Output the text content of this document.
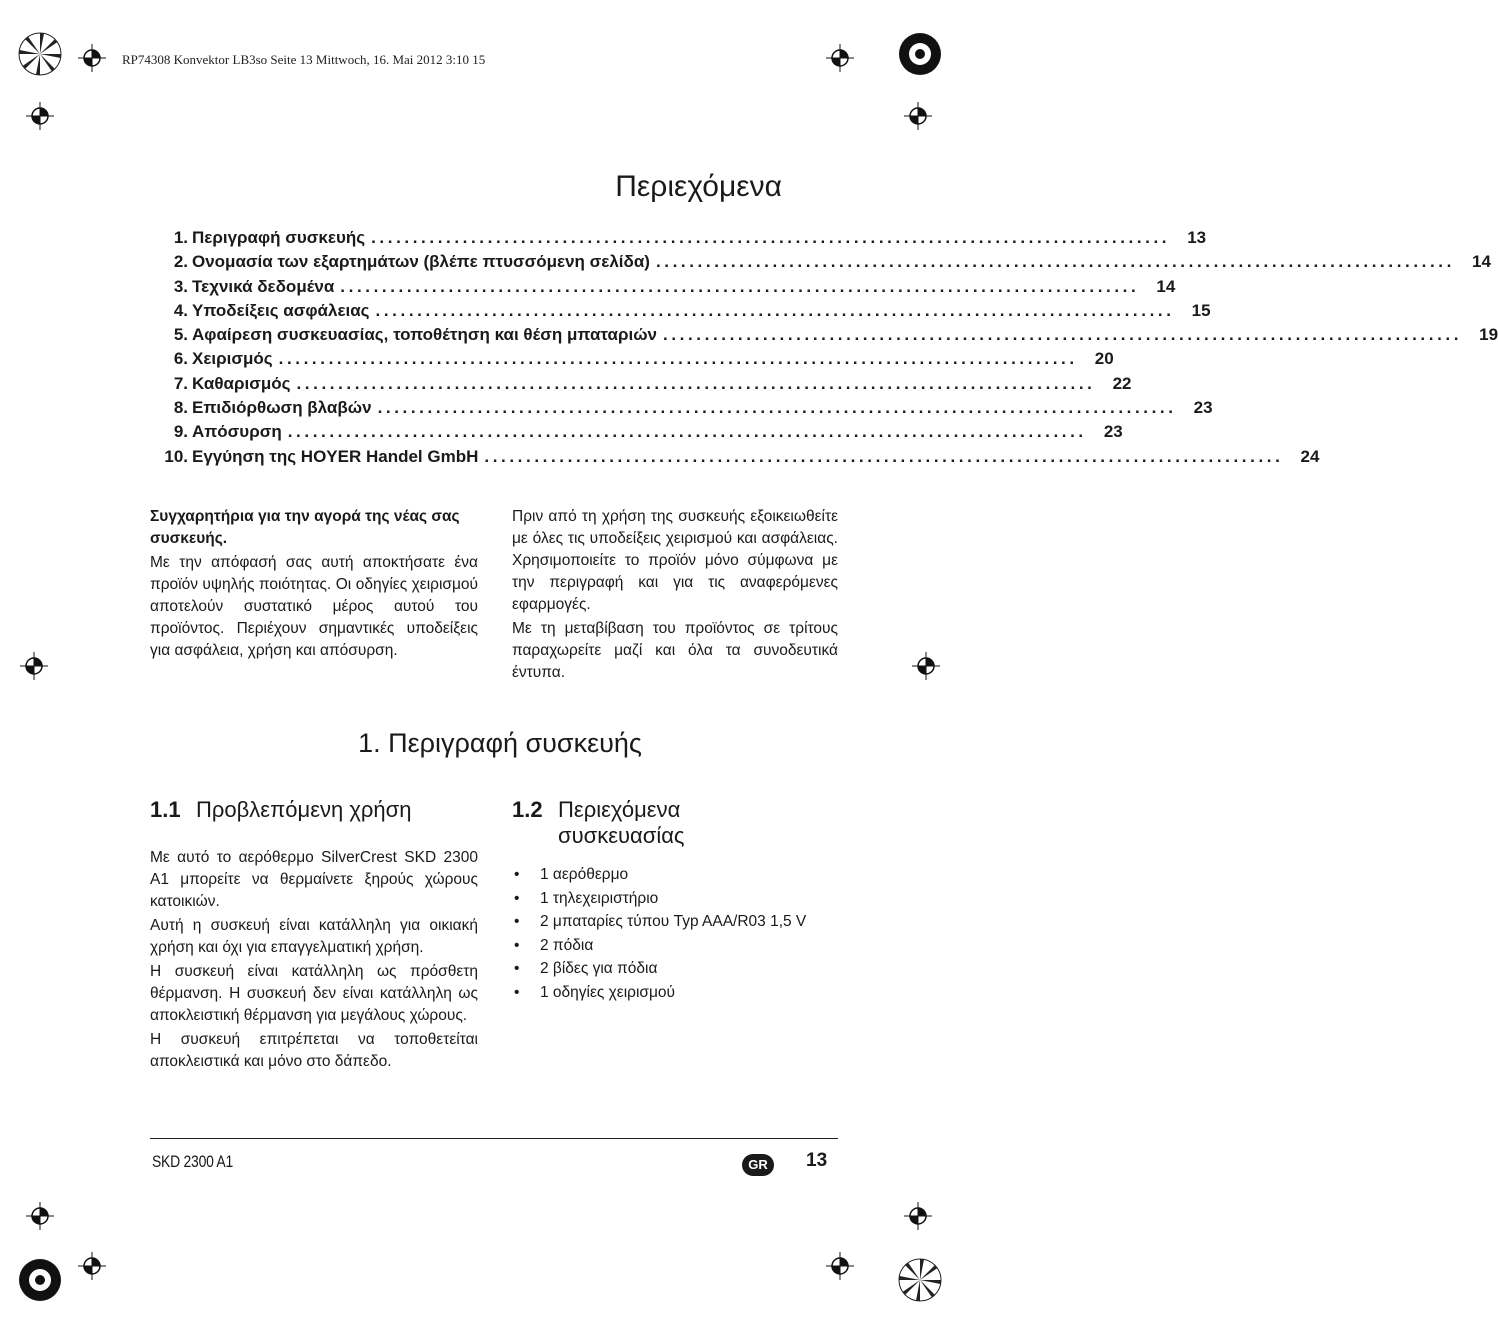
RP74308 Konvektor LB3so Seite 13 Mittwoch, 16. Mai 2012 3:10 15
Περιεχόμενα
1. Περιγραφή συσκευής ................................................................................................	13
2. Ονομασία των εξαρτημάτων (βλέπε πτυσσόμενη σελίδα) ................................................................................................	14
3. Τεχνικά δεδομένα ................................................................................................	14
4. Υποδείξεις ασφάλειας ................................................................................................	15
5. Αφαίρεση συσκευασίας, τοποθέτηση και θέση μπαταριών ................................................................................................	19
6. Χειρισμός ................................................................................................	20
7. Καθαρισμός ................................................................................................	22
8. Επιδιόρθωση βλαβών ................................................................................................	23
9. Απόσυρση ................................................................................................	23
10. Εγγύηση της HOYER Handel GmbH ................................................................................................	24

Συγχαρητήρια για την αγορά της νέας σας συσκευής.

Με την απόφασή σας αυτή αποκτήσατε ένα προϊόν υψηλής ποιότητας. Οι οδηγίες χειρισμού αποτελούν συστατικό μέρος αυτού του προϊόντος. Περιέχουν σημαντικές υποδείξεις για ασφάλεια, χρήση και απόσυρση.

Πριν από τη χρήση της συσκευής εξοικειωθείτε με όλες τις υποδείξεις χειρισμού και ασφάλειας. Χρησιμοποιείτε το προϊόν μόνο σύμφωνα με την περιγραφή και για τις αναφερόμενες εφαρμογές.

Με τη μεταβίβαση του προϊόντος σε τρίτους παραχωρείτε μαζί και όλα τα συνοδευτικά έντυπα.

1. Περιγραφή συσκευής
1.1 Προβλεπόμενη χρήση

Με αυτό το αερόθερμο SilverCrest SKD 2300 A1 μπορείτε να θερμαίνετε ξηρούς χώρους κατοικιών.

Αυτή η συσκευή είναι κατάλληλη για οικιακή χρήση και όχι για επαγγελματική χρήση.

Η συσκευή είναι κατάλληλη ως πρόσθετη θέρμανση. Η συσκευή δεν είναι κατάλληλη ως αποκλειστική θέρμανση για μεγάλους χώρους.

Η συσκευή επιτρέπεται να τοποθετείται αποκλειστικά και μόνο στο δάπεδο.

1.2 Περιεχόμενα
συσκευασίας
• 1 αερόθερμο
• 1 τηλεχειριστήριο
• 2 μπαταρίες τύπου Typ AAA/R03 1,5 V
• 2 πόδια
• 2 βίδες για πόδια
• 1 οδηγίες χειρισμού
SKD 2300 A1	GR	13
